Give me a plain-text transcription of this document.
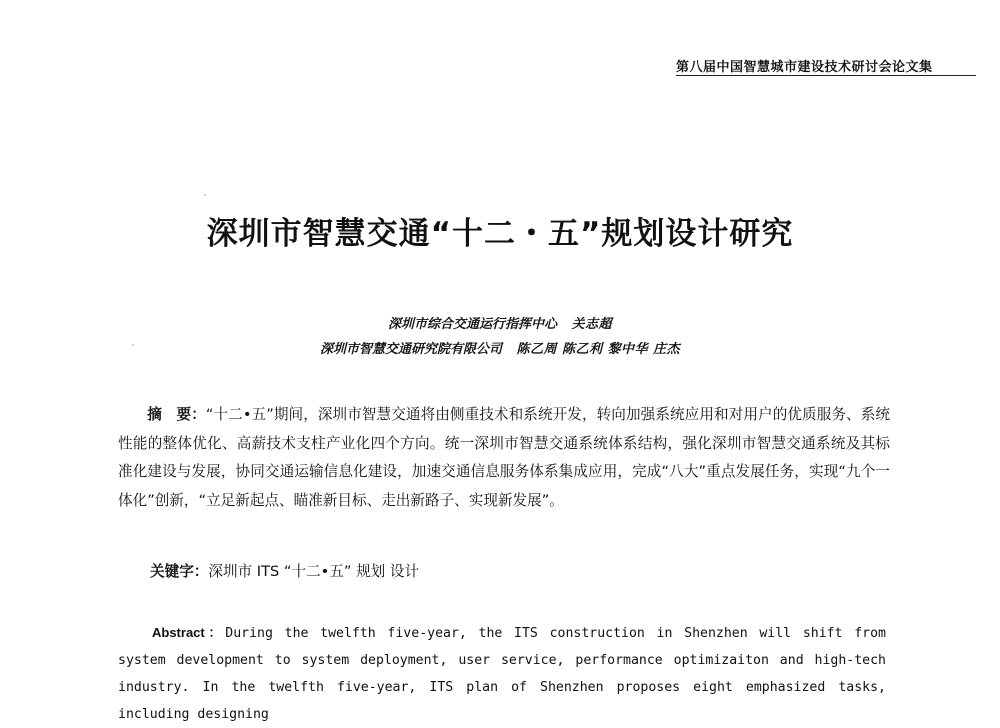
第八届中国智慧城市建设技术研讨会论文集
深圳市智慧交通“十二・五”规划设计研究
深圳市综合交通运行指挥中心 关志超
深圳市智慧交通研究院有限公司 陈乙周 陈乙利 黎中华 庄杰
摘　要：“十二•五”期间，深圳市智慧交通将由侧重技术和系统开发，转向加强系统应用和对用户的优质服务、系统性能的整体优化、高薪技术支柱产业化四个方向。统一深圳市智慧交通系统体系结构，强化深圳市智慧交通系统及其标准化建设与发展，协同交通运输信息化建设，加速交通信息服务体系集成应用，完成“八大”重点发展任务，实现“九个一体化”创新，“立足新起点、瞄准新目标、走出新路子、实现新发展”。
关键字：深圳市 ITS “十二•五” 规划 设计
Abstract：During the twelfth five-year, the ITS construction in Shenzhen will shift from system development to system deployment, user service, performance optimizaiton and high-tech industry. In the twelfth five-year, ITS plan of Shenzhen proposes eight emphasized tasks, including designing
